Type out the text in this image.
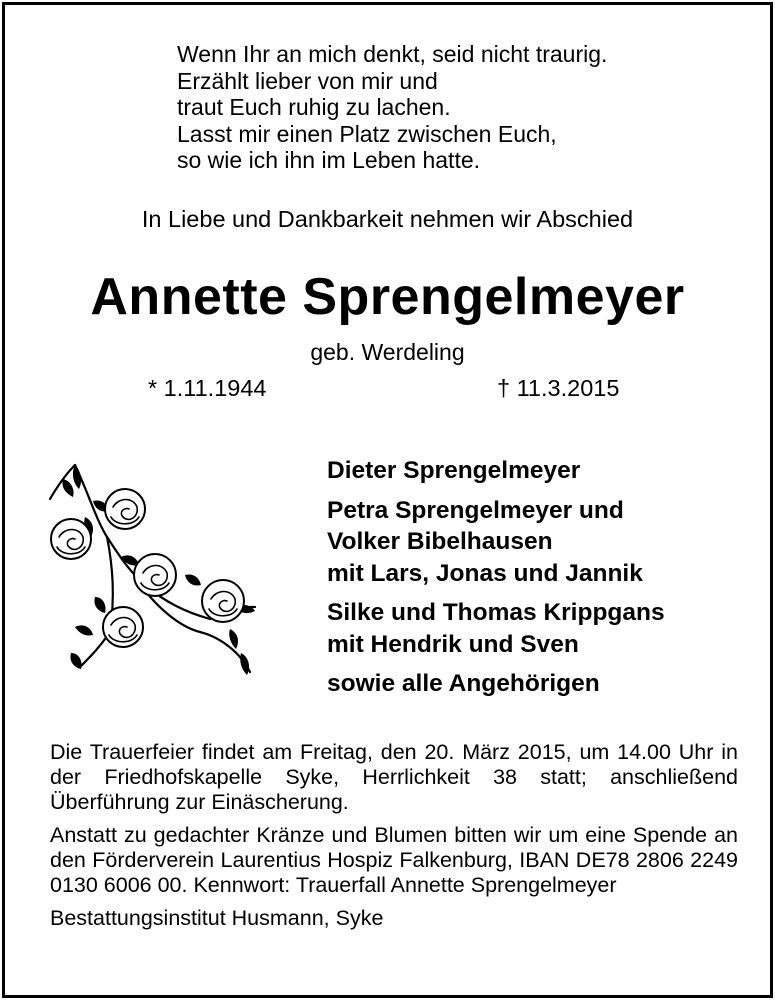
Wenn Ihr an mich denkt, seid nicht traurig.
Erzählt lieber von mir und
traut Euch ruhig zu lachen.
Lasst mir einen Platz zwischen Euch,
so wie ich ihn im Leben hatte.
In Liebe und Dankbarkeit nehmen wir Abschied
Annette Sprengelmeyer
geb. Werdeling
* 1.11.1944	† 11.3.2015
Dieter Sprengelmeyer
Petra Sprengelmeyer und
Volker Bibelhausen
mit Lars, Jonas und Jannik
Silke und Thomas Krippgans
mit Hendrik und Sven
sowie alle Angehörigen

Die Trauerfeier findet am Freitag, den 20. März 2015, um 14.00 Uhr in der Friedhofskapelle Syke, Herrlichkeit 38 statt; anschließend Überführung zur Einäscherung.

Anstatt zu gedachter Kränze und Blumen bitten wir um eine Spende an den Förderverein Laurentius Hospiz Falkenburg, IBAN DE78 2806 2249 0130 6006 00. Kennwort: Trauerfall Annette Sprengelmeyer

Bestattungsinstitut Husmann, Syke
